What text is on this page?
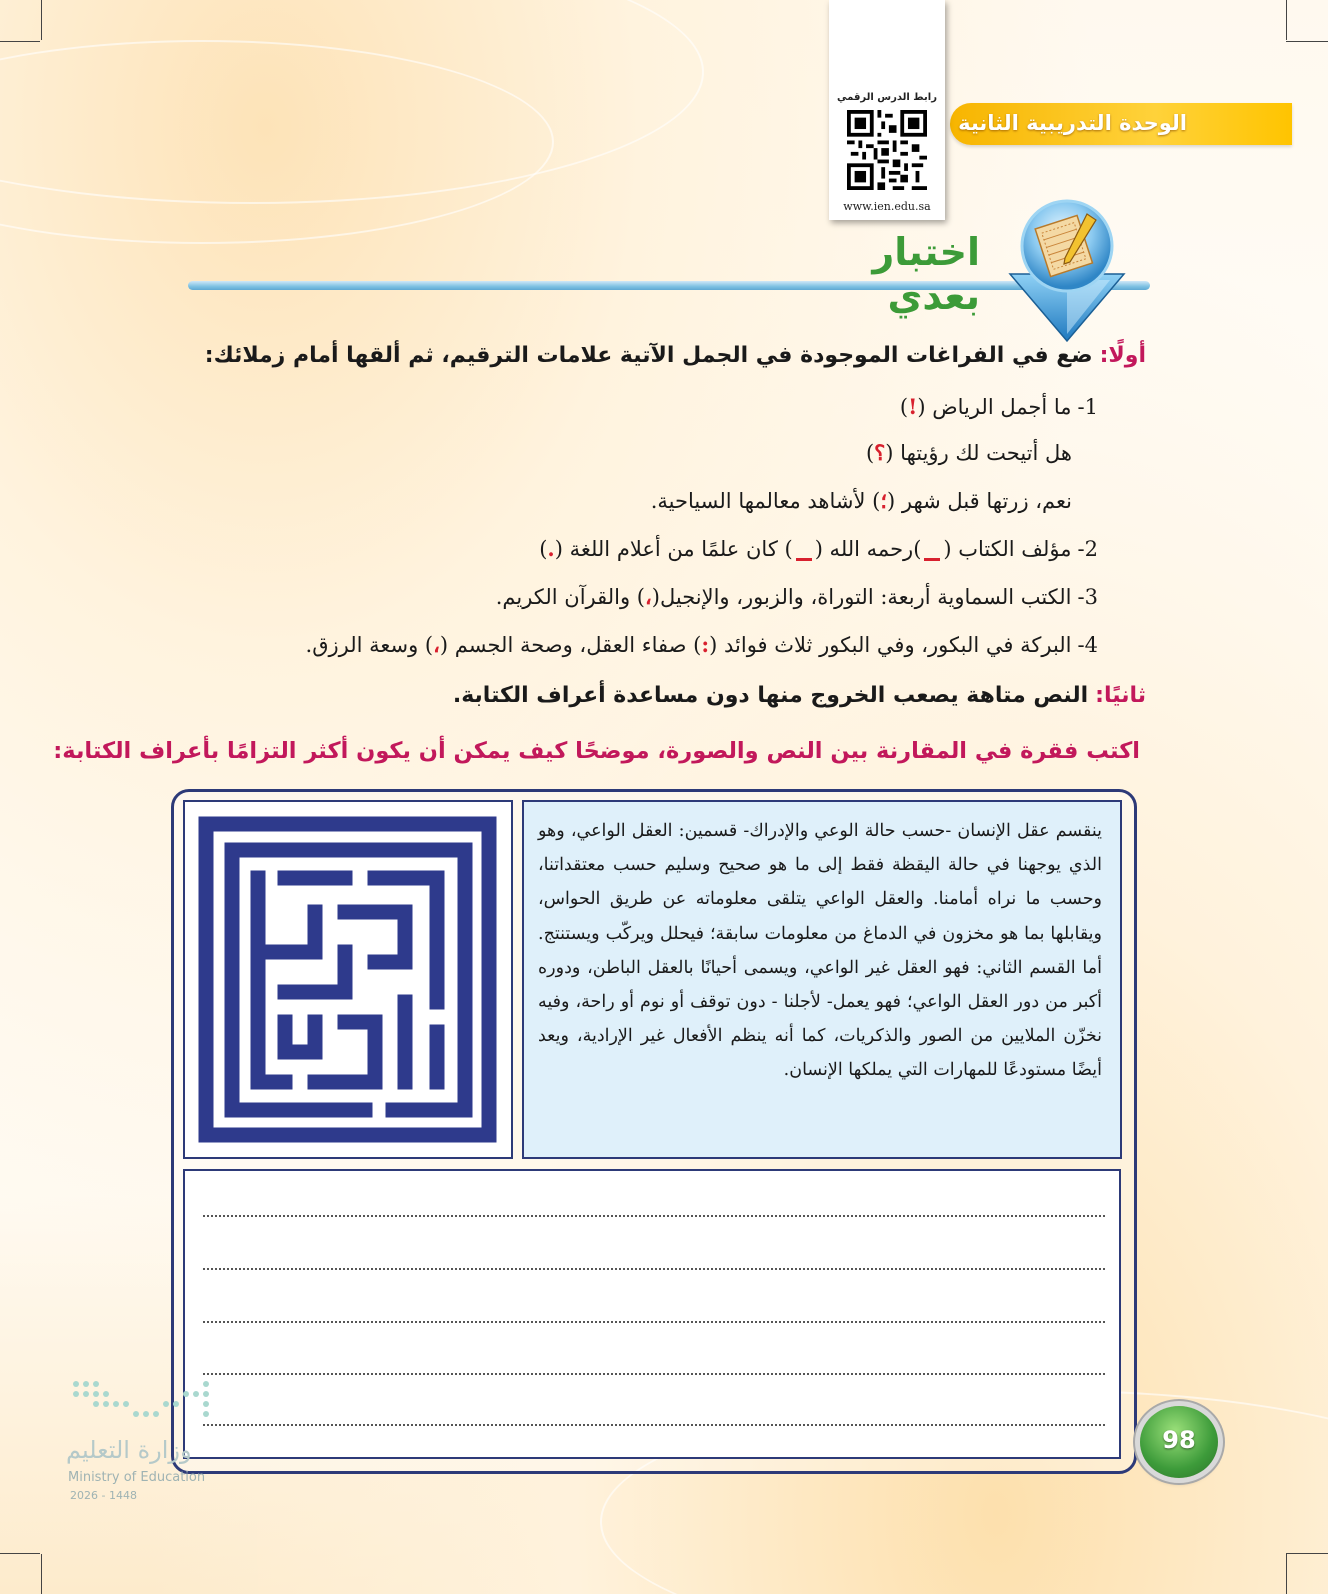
الوحدة التدريبية الثانية
رابط الدرس الرقمي
www.ien.edu.sa
اختبار بعدي
أولًا: ضع في الفراغات الموجودة في الجمل الآتية علامات الترقيم، ثم ألقها أمام زملائك:
1-ما أجمل الرياض (!)
هل أتيحت لك رؤيتها (؟)
نعم، زرتها قبل شهر (؛) لأشاهد معالمها السياحية.
2-مؤلف الكتاب ()رحمه الله () كان علمًا من أعلام اللغة (.)
3-الكتب السماوية أربعة: التوراة، والزبور، والإنجيل(،) والقرآن الكريم.
4-البركة في البكور، وفي البكور ثلاث فوائد (:) صفاء العقل، وصحة الجسم (،) وسعة الرزق.
ثانيًا: النص متاهة يصعب الخروج منها دون مساعدة أعراف الكتابة.
اكتب فقرة في المقارنة بين النص والصورة، موضحًا كيف يمكن أن يكون أكثر التزامًا بأعراف الكتابة:
ينقسم عقل الإنسان -حسب حالة الوعي والإدراك- قسمين: العقل الواعي، وهو الذي يوجهنا في حالة اليقظة فقط إلى ما هو صحيح وسليم حسب معتقداتنا، وحسب ما نراه أمامنا. والعقل الواعي يتلقى معلوماته عن طريق الحواس، ويقابلها بما هو مخزون في الدماغ من معلومات سابقة؛ فيحلل ويركّب ويستنتج. أما القسم الثاني: فهو العقل غير الواعي، ويسمى أحيانًا بالعقل الباطن، ودوره أكبر من دور العقل الواعي؛ فهو يعمل- لأجلنا - دون توقف أو نوم أو راحة، وفيه نخزّن الملايين من الصور والذكريات، كما أنه ينظم الأفعال غير الإرادية، ويعد أيضًا مستودعًا للمهارات التي يملكها الإنسان.
98
وزارة التعليم
Ministry of Education
2026 - 1448
